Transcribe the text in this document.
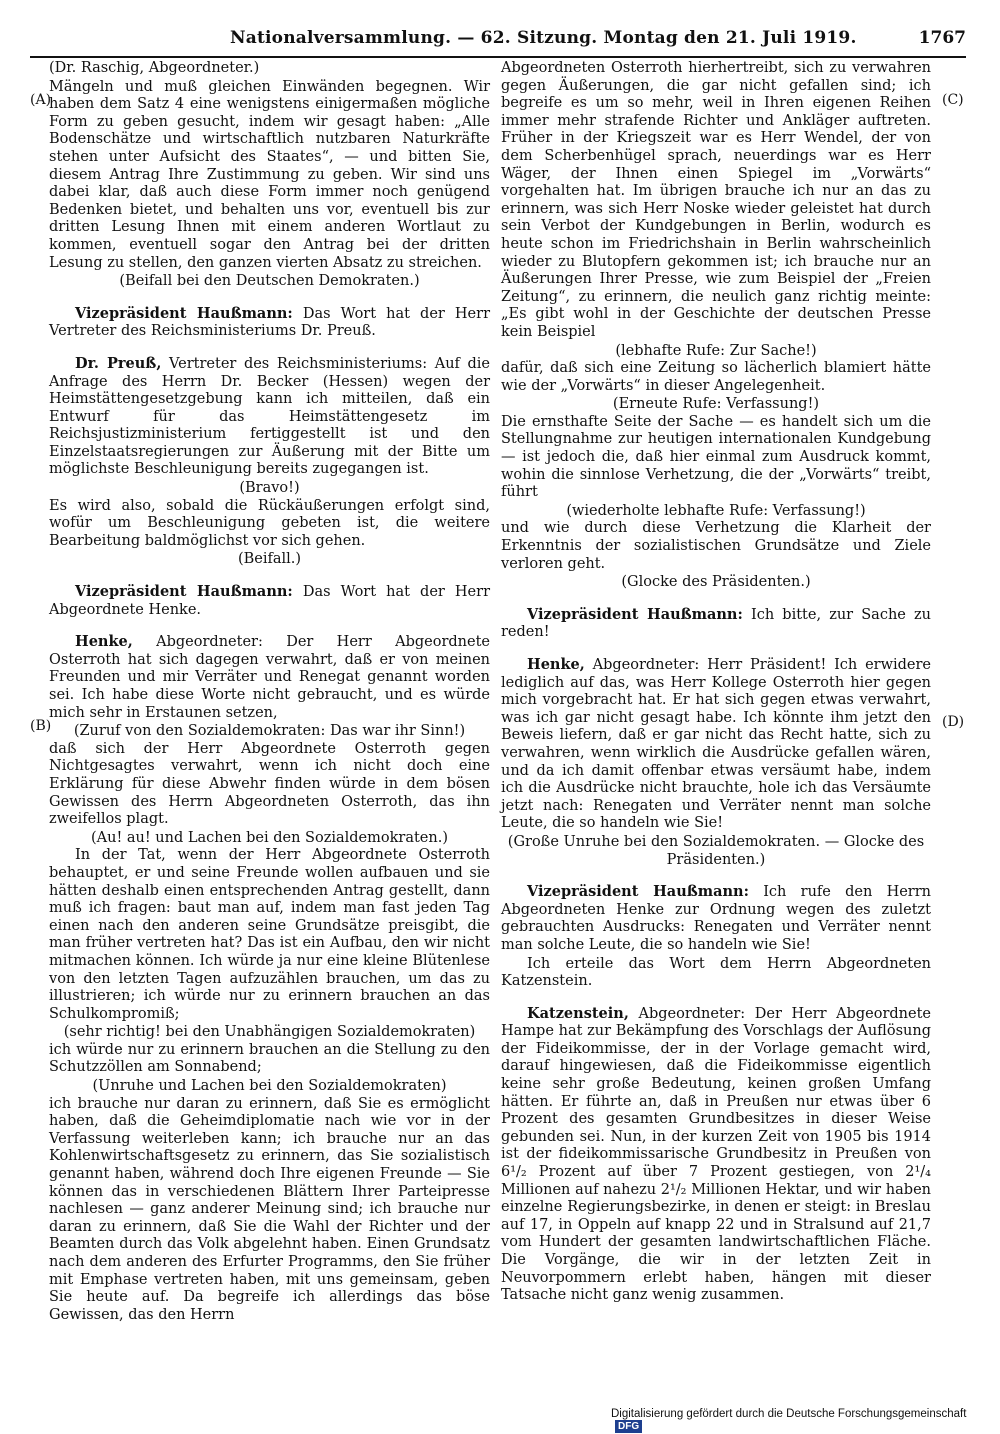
Nationalversammlung. — 62. Sitzung. Montag den 21. Juli 1919.	1767
(A)
(B)
(C)
(D)

(Dr. Raschig, Abgeordneter.)

Mängeln und muß gleichen Einwänden begegnen. Wir haben dem Satz 4 eine wenigstens einigermaßen mögliche Form zu geben gesucht, indem wir gesagt haben: „Alle Bodenschätze und wirtschaftlich nutzbaren Naturkräfte stehen unter Aufsicht des Staates“, — und bitten Sie, diesem Antrag Ihre Zustimmung zu geben. Wir sind uns dabei klar, daß auch diese Form immer noch genügend Bedenken bietet, und behalten uns vor, eventuell bis zur dritten Lesung Ihnen mit einem anderen Wortlaut zu kommen, eventuell sogar den Antrag bei der dritten Lesung zu stellen, den ganzen vierten Absatz zu streichen.

(Beifall bei den Deutschen Demokraten.)

Vizepräsident Haußmann: Das Wort hat der Herr Vertreter des Reichsministeriums Dr. Preuß.

Dr. Preuß, Vertreter des Reichsministeriums: Auf die Anfrage des Herrn Dr. Becker (Hessen) wegen der Heimstättengesetzgebung kann ich mitteilen, daß ein Entwurf für das Heimstättengesetz im Reichsjustizministerium fertiggestellt ist und den Einzelstaatsregierungen zur Äußerung mit der Bitte um möglichste Beschleunigung bereits zugegangen ist.

(Bravo!)

Es wird also, sobald die Rückäußerungen erfolgt sind, wofür um Beschleunigung gebeten ist, die weitere Bearbeitung baldmöglichst vor sich gehen.

(Beifall.)

Vizepräsident Haußmann: Das Wort hat der Herr Abgeordnete Henke.

Henke, Abgeordneter: Der Herr Abgeordnete Osterroth hat sich dagegen verwahrt, daß er von meinen Freunden und mir Verräter und Renegat genannt worden sei. Ich habe diese Worte nicht gebraucht, und es würde mich sehr in Erstaunen setzen,

(Zuruf von den Sozialdemokraten: Das war ihr Sinn!)

daß sich der Herr Abgeordnete Osterroth gegen Nichtgesagtes verwahrt, wenn ich nicht doch eine Erklärung für diese Abwehr finden würde in dem bösen Gewissen des Herrn Abgeordneten Osterroth, das ihn zweifellos plagt.

(Au! au! und Lachen bei den Sozialdemokraten.)

In der Tat, wenn der Herr Abgeordnete Osterroth behauptet, er und seine Freunde wollen aufbauen und sie hätten deshalb einen entsprechenden Antrag gestellt, dann muß ich fragen: baut man auf, indem man fast jeden Tag einen nach den anderen seine Grundsätze preisgibt, die man früher vertreten hat? Das ist ein Aufbau, den wir nicht mitmachen können. Ich würde ja nur eine kleine Blütenlese von den letzten Tagen aufzuzählen brauchen, um das zu illustrieren; ich würde nur zu erinnern brauchen an das Schulkompromiß;

(sehr richtig! bei den Unabhängigen Sozialdemokraten)

ich würde nur zu erinnern brauchen an die Stellung zu den Schutzzöllen am Sonnabend;

(Unruhe und Lachen bei den Sozialdemokraten)

ich brauche nur daran zu erinnern, daß Sie es ermöglicht haben, daß die Geheimdiplomatie nach wie vor in der Verfassung weiterleben kann; ich brauche nur an das Kohlenwirtschaftsgesetz zu erinnern, das Sie sozialistisch genannt haben, während doch Ihre eigenen Freunde — Sie können das in verschiedenen Blättern Ihrer Parteipresse nachlesen — ganz anderer Meinung sind; ich brauche nur daran zu erinnern, daß Sie die Wahl der Richter und der Beamten durch das Volk abgelehnt haben. Einen Grundsatz nach dem anderen des Erfurter Programms, den Sie früher mit Emphase vertreten haben, mit uns gemeinsam, geben Sie heute auf. Da begreife ich allerdings das böse Gewissen, das den Herrn

Abgeordneten Osterroth hierhertreibt, sich zu verwahren gegen Äußerungen, die gar nicht gefallen sind; ich begreife es um so mehr, weil in Ihren eigenen Reihen immer mehr strafende Richter und Ankläger auftreten. Früher in der Kriegszeit war es Herr Wendel, der von dem Scherbenhügel sprach, neuerdings war es Herr Wäger, der Ihnen einen Spiegel im „Vorwärts“ vorgehalten hat. Im übrigen brauche ich nur an das zu erinnern, was sich Herr Noske wieder geleistet hat durch sein Verbot der Kundgebungen in Berlin, wodurch es heute schon im Friedrichshain in Berlin wahrscheinlich wieder zu Blutopfern gekommen ist; ich brauche nur an Äußerungen Ihrer Presse, wie zum Beispiel der „Freien Zeitung“, zu erinnern, die neulich ganz richtig meinte: „Es gibt wohl in der Geschichte der deutschen Presse kein Beispiel

(lebhafte Rufe: Zur Sache!)

dafür, daß sich eine Zeitung so lächerlich blamiert hätte wie der „Vorwärts“ in dieser Angelegenheit.

(Erneute Rufe: Verfassung!)

Die ernsthafte Seite der Sache — es handelt sich um die Stellungnahme zur heutigen internationalen Kundgebung — ist jedoch die, daß hier einmal zum Ausdruck kommt, wohin die sinnlose Verhetzung, die der „Vorwärts“ treibt, führt

(wiederholte lebhafte Rufe: Verfassung!)

und wie durch diese Verhetzung die Klarheit der Erkenntnis der sozialistischen Grundsätze und Ziele verloren geht.

(Glocke des Präsidenten.)

Vizepräsident Haußmann: Ich bitte, zur Sache zu reden!

Henke, Abgeordneter: Herr Präsident! Ich erwidere lediglich auf das, was Herr Kollege Osterroth hier gegen mich vorgebracht hat. Er hat sich gegen etwas verwahrt, was ich gar nicht gesagt habe. Ich könnte ihm jetzt den Beweis liefern, daß er gar nicht das Recht hatte, sich zu verwahren, wenn wirklich die Ausdrücke gefallen wären, und da ich damit offenbar etwas versäumt habe, indem ich die Ausdrücke nicht brauchte, hole ich das Versäumte jetzt nach: Renegaten und Verräter nennt man solche Leute, die so handeln wie Sie!

(Große Unruhe bei den Sozialdemokraten. — Glocke des Präsidenten.)

Vizepräsident Haußmann: Ich rufe den Herrn Abgeordneten Henke zur Ordnung wegen des zuletzt gebrauchten Ausdrucks: Renegaten und Verräter nennt man solche Leute, die so handeln wie Sie!

Ich erteile das Wort dem Herrn Abgeordneten Katzenstein.

Katzenstein, Abgeordneter: Der Herr Abgeordnete Hampe hat zur Bekämpfung des Vorschlags der Auflösung der Fideikommisse, der in der Vorlage gemacht wird, darauf hingewiesen, daß die Fideikommisse eigentlich keine sehr große Bedeutung, keinen großen Umfang hätten. Er führte an, daß in Preußen nur etwas über 6 Prozent des gesamten Grundbesitzes in dieser Weise gebunden sei. Nun, in der kurzen Zeit von 1905 bis 1914 ist der fideikommissarische Grundbesitz in Preußen von 6¹/₂ Prozent auf über 7 Prozent gestiegen, von 2¹/₄ Millionen auf nahezu 2¹/₂ Millionen Hektar, und wir haben einzelne Regierungsbezirke, in denen er steigt: in Breslau auf 17, in Oppeln auf knapp 22 und in Stralsund auf 21,7 vom Hundert der gesamten landwirtschaftlichen Fläche. Die Vorgänge, die wir in der letzten Zeit in Neuvorpommern erlebt haben, hängen mit dieser Tatsache nicht ganz wenig zusammen.

Digitalisierung gefördert durch die Deutsche Forschungsgemeinschaft DFG
